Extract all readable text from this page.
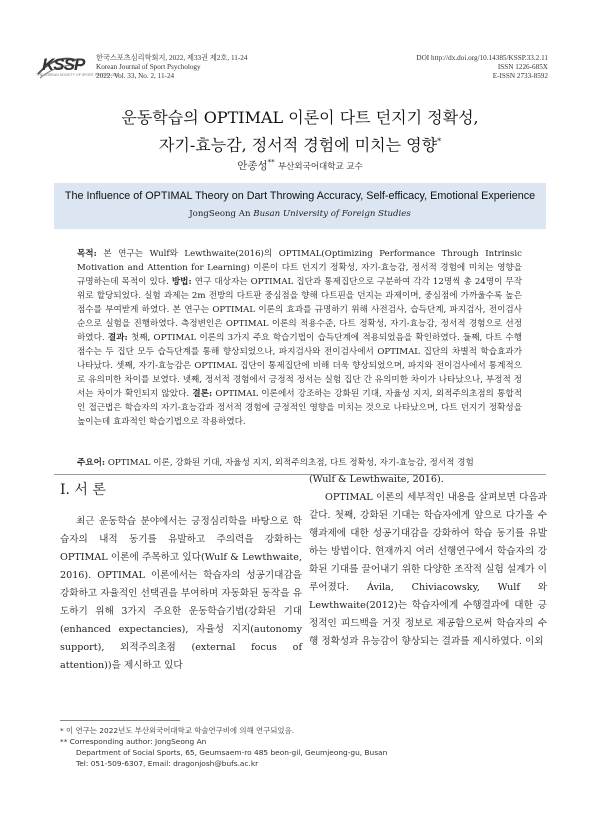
KSSP
THE KOREAN SOCIETY OF SPORT PSYCHOLOGY
한국스포츠심리학회지, 2022, 제33권 제2호, 11-24
Korean Journal of Sport Psychology
2022. Vol. 33, No. 2, 11-24
DOI http://dx.doi.org/10.14385/KSSP.33.2.11
ISSN 1226-685X
E-ISSN 2733-8592
운동학습의 OPTIMAL 이론이 다트 던지기 정확성,
자기-효능감, 정서적 경험에 미치는 영향*
안종성** 부산외국어대학교 교수
The Influence of OPTIMAL Theory on Dart Throwing Accuracy, Self-efficacy, Emotional Experience
JongSeong An Busan University of Foreign Studies
목적: 본 연구는 Wulf와 Lewthwaite(2016)의 OPTIMAL(Optimizing Performance Through Intrinsic Motivation and Attention for Learning) 이론이 다트 던지기 정확성, 자기-효능감, 정서적 경험에 미치는 영향을 규명하는데 목적이 있다. 방법: 연구 대상자는 OPTIMAL 집단과 통제집단으로 구분하여 각각 12명씩 총 24명이 무작위로 할당되었다. 실험 과제는 2m 전방의 다트판 중심점을 향해 다트핀을 던지는 과제이며, 중심점에 가까울수록 높은 점수를 부여받게 하였다. 본 연구는 OPTIMAL 이론의 효과를 규명하기 위해 사전검사, 습득단계, 파지검사, 전이검사 순으로 실험을 진행하였다. 측정변인은 OPTIMAL 이론의 적용수준, 다트 정확성, 자기-효능감, 정서적 경험으로 선정하였다. 결과: 첫째, OPTIMAL 이론의 3가지 주요 학습기법이 습득단계에 적용되었음을 확인하였다. 둘째, 다트 수행 점수는 두 집단 모두 습득단계를 통해 향상되었으나, 파지검사와 전이검사에서 OPTIMAL 집단의 차별적 학습효과가 나타났다. 셋째, 자기-효능감은 OPTIMAL 집단이 통제집단에 비해 더욱 향상되었으며, 파지와 전이검사에서 통계적으로 유의미한 차이를 보였다. 넷째, 정서적 경험에서 긍정적 정서는 실험 집단 간 유의미한 차이가 나타났으나, 부정적 정서는 차이가 확인되지 않았다. 결론: OPTIMAL 이론에서 강조하는 강화된 기대, 자율성 지지, 외적주의초점의 통합적인 접근법은 학습자의 자기-효능감과 정서적 경험에 긍정적인 영향을 미치는 것으로 나타났으며, 다트 던지기 정확성을 높이는데 효과적인 학습기법으로 작용하였다.
주요어: OPTIMAL 이론, 강화된 기대, 자율성 지지, 외적주의초점, 다트 정확성, 자기-효능감, 정서적 경험

I. 서 론

최근 운동학습 분야에서는 긍정심리학을 바탕으로 학습자의 내적 동기를 유발하고 주의력을 강화하는 OPTIMAL 이론에 주목하고 있다(Wulf & Lewthwaite, 2016). OPTIMAL 이론에서는 학습자의 성공기대감을 강화하고 자율적인 선택권을 부여하며 자동화된 동작을 유도하기 위해 3가지 주요한 운동학습기법(강화된 기대(enhanced expectancies), 자율성 지지(autonomy support), 외적주의초점 (external focus of attention))을 제시하고 있다

(Wulf & Lewthwaite, 2016).

OPTIMAL 이론의 세부적인 내용을 살펴보면 다음과 같다. 첫째, 강화된 기대는 학습자에게 앞으로 다가올 수행과제에 대한 성공기대감을 강화하여 학습 동기를 유발하는 방법이다. 현재까지 여러 선행연구에서 학습자의 강화된 기대를 끌어내기 위한 다양한 조작적 실험 설계가 이루어졌다. Ávila, Chiviacowsky, Wulf 와 Lewthwaite(2012)는 학습자에게 수행결과에 대한 긍정적인 피드백을 거짓 정보로 제공함으로써 학습자의 수행 정확성과 유능감이 향상되는 결과를 제시하였다. 이외

* 이 연구는 2022년도 부산외국어대학교 학술연구비에 의해 연구되었음.

** Corresponding author: JongSeong An

Department of Social Sports, 65, Geumsaem-ro 485 beon-gil, Geumjeong-gu, Busan

Tel: 051-509-6307, Email: dragonjosh@bufs.ac.kr
